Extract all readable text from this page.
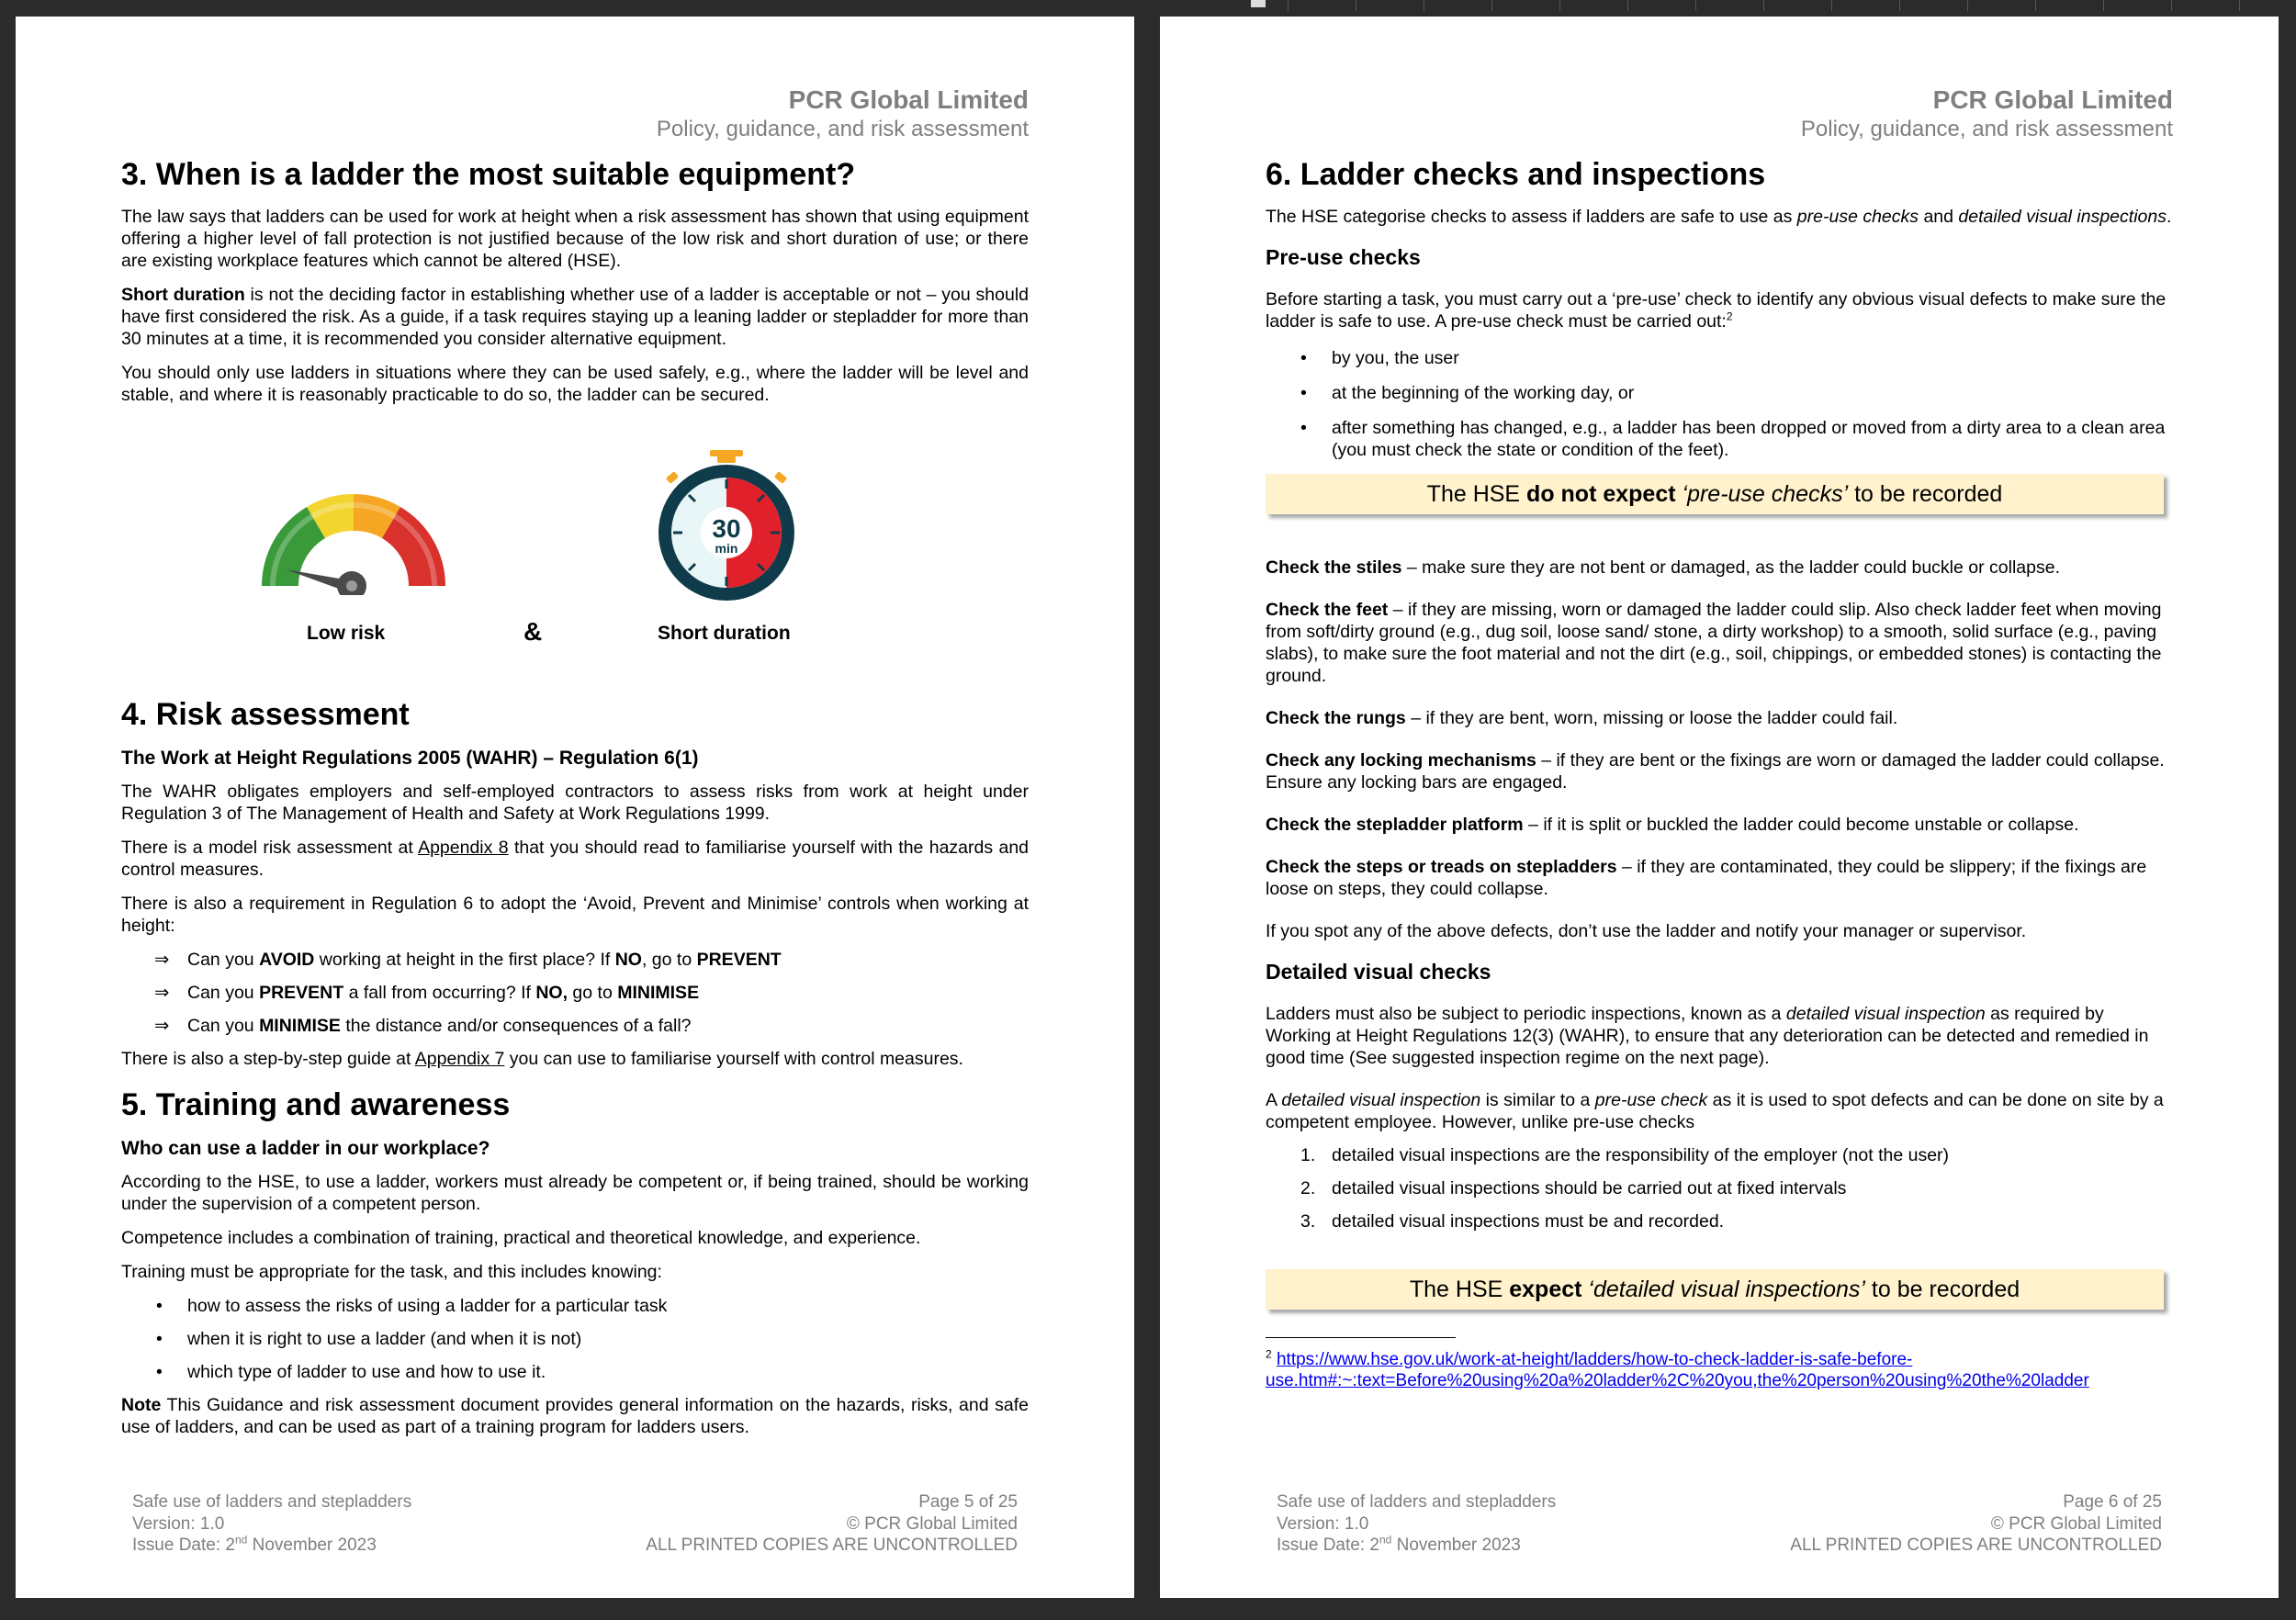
PCR Global Limited
Policy, guidance, and risk assessment
3. When is a ladder the most suitable equipment?

The law says that ladders can be used for work at height when a risk assessment has shown that using equipment offering a higher level of fall protection is not justified because of the low risk and short duration of use; or there are existing workplace features which cannot be altered (HSE).

Short duration is not the deciding factor in establishing whether use of a ladder is acceptable or not – you should have first considered the risk. As a guide, if a task requires staying up a leaning ladder or stepladder for more than 30 minutes at a time, it is recommended you consider alternative equipment.

You should only use ladders in situations where they can be used safely, e.g., where the ladder will be level and stable, and where it is reasonably practicable to do so, the ladder can be secured.

Low risk	&
30
min
Short duration
4. Risk assessment
The Work at Height Regulations 2005 (WAHR) – Regulation 6(1)

The WAHR obligates employers and self-employed contractors to assess risks from work at height under Regulation 3 of The Management of Health and Safety at Work Regulations 1999.

There is a model risk assessment at Appendix 8 that you should read to familiarise yourself with the hazards and control measures.

There is also a requirement in Regulation 6 to adopt the ‘Avoid, Prevent and Minimise’ controls when working at height:

⇒ Can you AVOID working at height in the first place? If NO, go to PREVENT
⇒ Can you PREVENT a fall from occurring? If NO, go to MINIMISE
⇒ Can you MINIMISE the distance and/or consequences of a fall?

There is also a step-by-step guide at Appendix 7 you can use to familiarise yourself with control measures.

5. Training and awareness
Who can use a ladder in our workplace?

According to the HSE, to use a ladder, workers must already be competent or, if being trained, should be working under the supervision of a competent person.

Competence includes a combination of training, practical and theoretical knowledge, and experience.

Training must be appropriate for the task, and this includes knowing:

• how to assess the risks of using a ladder for a particular task
• when it is right to use a ladder (and when it is not)
• which type of ladder to use and how to use it.

Note This Guidance and risk assessment document provides general information on the hazards, risks, and safe use of ladders, and can be used as part of a training program for ladders users.

Safe use of ladders and stepladders
Version: 1.0
Issue Date: 2nd November 2023
Page 5 of 25
© PCR Global Limited
ALL PRINTED COPIES ARE UNCONTROLLED
PCR Global Limited
Policy, guidance, and risk assessment
6. Ladder checks and inspections

The HSE categorise checks to assess if ladders are safe to use as pre-use checks and detailed visual inspections.

Pre-use checks

Before starting a task, you must carry out a ‘pre-use’ check to identify any obvious visual defects to make sure the ladder is safe to use. A pre-use check must be carried out:$^2$

• by you, the user
• at the beginning of the working day, or
• after something has changed, e.g., a ladder has been dropped or moved from a dirty area to a clean area (you must check the state or condition of the feet).
The HSE do not expect ‘pre-use checks’ to be recorded

Check the stiles – make sure they are not bent or damaged, as the ladder could buckle or collapse.

Check the feet – if they are missing, worn or damaged the ladder could slip. Also check ladder feet when moving from soft/dirty ground (e.g., dug soil, loose sand/ stone, a dirty workshop) to a smooth, solid surface (e.g., paving slabs), to make sure the foot material and not the dirt (e.g., soil, chippings, or embedded stones) is contacting the ground.

Check the rungs – if they are bent, worn, missing or loose the ladder could fail.

Check any locking mechanisms – if they are bent or the fixings are worn or damaged the ladder could collapse. Ensure any locking bars are engaged.

Check the stepladder platform – if it is split or buckled the ladder could become unstable or collapse.

Check the steps or treads on stepladders – if they are contaminated, they could be slippery; if the fixings are loose on steps, they could collapse.

If you spot any of the above defects, don’t use the ladder and notify your manager or supervisor.

Detailed visual checks

Ladders must also be subject to periodic inspections, known as a detailed visual inspection as required by Working at Height Regulations 12(3) (WAHR), to ensure that any deterioration can be detected and remedied in good time (See suggested inspection regime on the next page).

A detailed visual inspection is similar to a pre-use check as it is used to spot defects and can be done on site by a competent employee. However, unlike pre-use checks

1. detailed visual inspections are the responsibility of the employer (not the user)
2. detailed visual inspections should be carried out at fixed intervals
3. detailed visual inspections must be and recorded.
The HSE expect ‘detailed visual inspections’ to be recorded
$^2$ https://www.hse.gov.uk/work-at-height/ladders/how-to-check-ladder-is-safe-before-
use.htm#:~:text=Before%20using%20a%20ladder%2C%20you,the%20person%20using%20the%20ladder
Safe use of ladders and stepladders
Version: 1.0
Issue Date: 2nd November 2023
Page 6 of 25
© PCR Global Limited
ALL PRINTED COPIES ARE UNCONTROLLED
